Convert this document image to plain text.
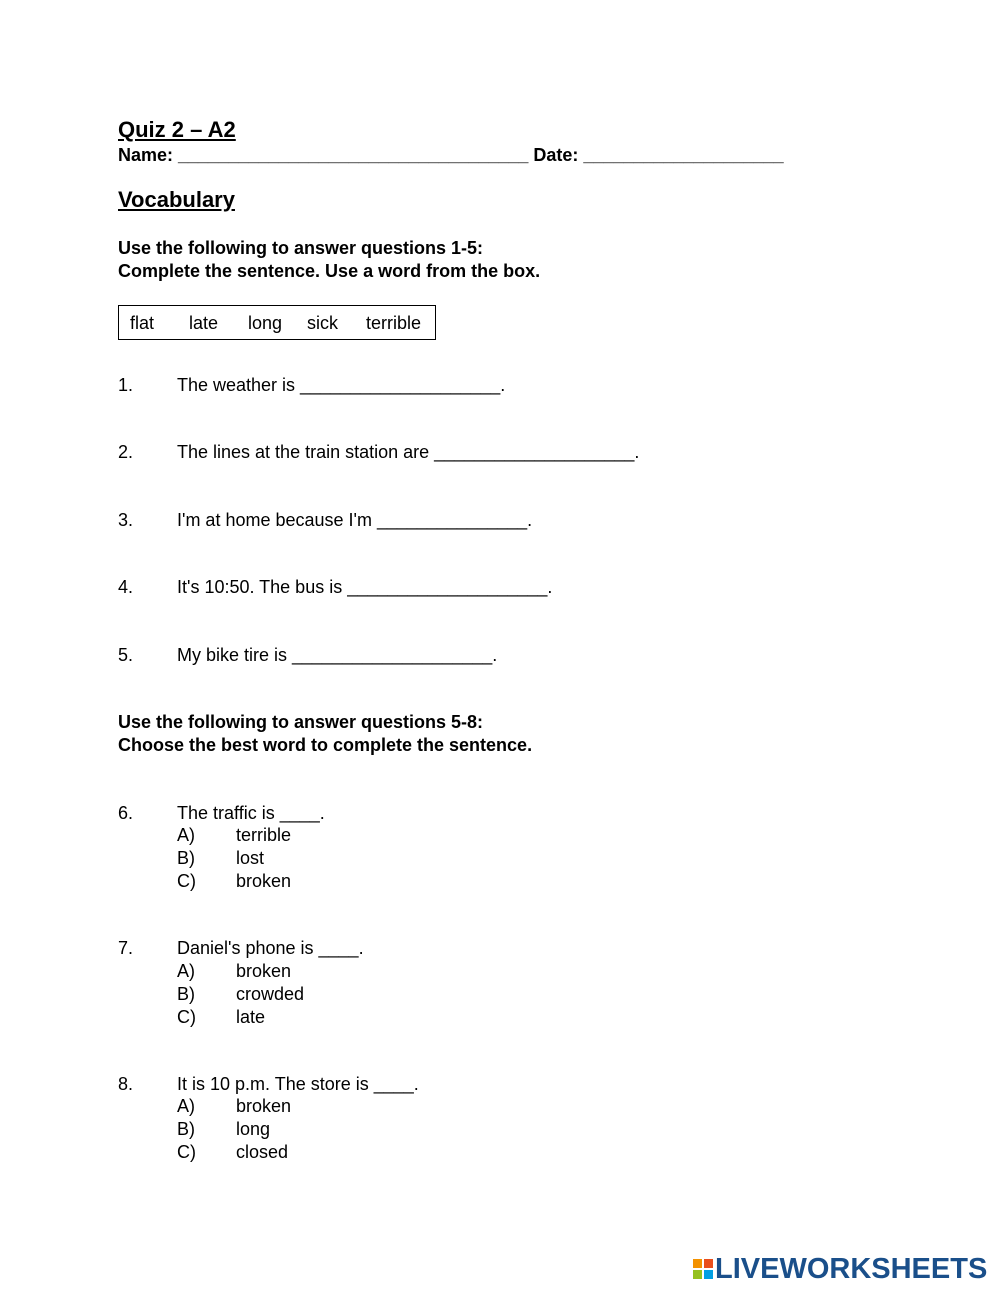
Quiz 2 – A2
Name: ___________________________________ Date: ____________________
Vocabulary
Use the following to answer questions 1-5:
Complete the sentence. Use a word from the box.
flat late long sick terrible
1. The weather is ____________________.
2. The lines at the train station are ____________________.
3. I'm at home because I'm _______________.
4. It's 10:50. The bus is ____________________.
5. My bike tire is ____________________.
Use the following to answer questions 5-8:
Choose the best word to complete the sentence.
6. The traffic is ____.
A) terrible
B) lost
C) broken
7. Daniel's phone is ____.
A) broken
B) crowded
C) late
8. It is 10 p.m. The store is ____.
A) broken
B) long
C) closed
LIVEWORKSHEETS
